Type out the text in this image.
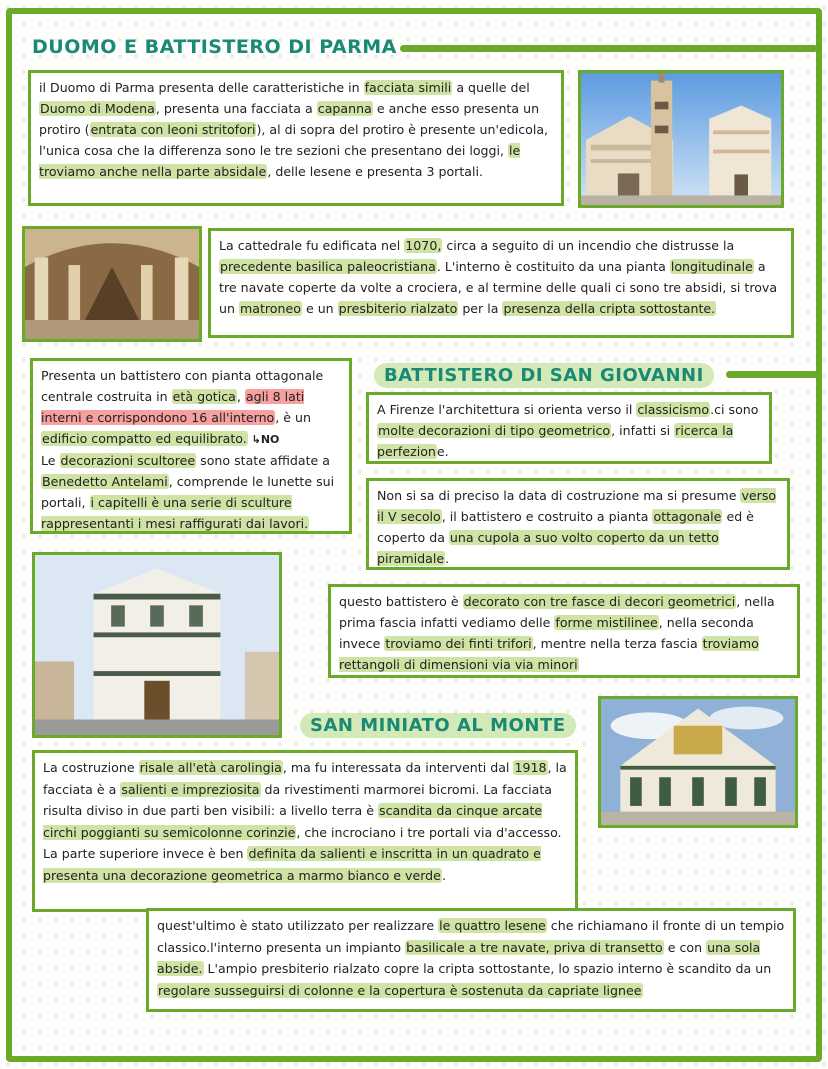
DUOMO E BATTISTERO DI PARMA

il Duomo di Parma presenta delle caratteristiche in facciata simili a quelle del Duomo di Modena, presenta una facciata a capanna e anche esso presenta un protiro (entrata con leoni stritofori), al di sopra del protiro è presente un'edicola, l'unica cosa che la differenza sono le tre sezioni che presentano dei loggi, le troviamo anche nella parte absidale, delle lesene e presenta 3 portali.

La cattedrale fu edificata nel 1070, circa a seguito di un incendio che distrusse la precedente basilica paleocristiana. L'interno è costituito da una pianta longitudinale a tre navate coperte da volte a crociera, e al termine delle quali ci sono tre absidi, si trova un matroneo e un presbiterio rialzato per la presenza della cripta sottostante.

Presenta un battistero con pianta ottagonale centrale costruita in età gotica, agli 8 lati interni e corrispondono 16 all'interno, è un edificio compatto ed equilibrato. ↳NO
Le decorazioni scultoree sono state affidate a Benedetto Antelami, comprende le lunette sui portali, i capitelli è una serie di sculture rappresentanti i mesi raffigurati dai lavori.

BATTISTERO DI SAN GIOVANNI

A Firenze l'architettura si orienta verso il classicismo.ci sono molte decorazioni di tipo geometrico, infatti si ricerca la perfezione.

Non si sa di preciso la data di costruzione ma si presume verso il V secolo, il battistero e costruito a pianta ottagonale ed è coperto da una cupola a suo volto coperto da un tetto piramidale.

questo battistero è decorato con tre fasce di decori geometrici, nella prima fascia infatti vediamo delle forme mistilinee, nella seconda invece troviamo dei finti trifori, mentre nella terza fascia troviamo rettangoli di dimensioni via via minori

SAN MINIATO AL MONTE

La costruzione risale all'età carolingia, ma fu interessata da interventi dal 1918, la facciata è a salienti e impreziosita da rivestimenti marmorei bicromi. La facciata risulta diviso in due parti ben visibili: a livello terra è scandita da cinque arcate circhi poggianti su semicolonne corinzie, che incrociano i tre portali via d'accesso. La parte superiore invece è ben definita da salienti e inscritta in un quadrato e presenta una decorazione geometrica a marmo bianco e verde.

quest'ultimo è stato utilizzato per realizzare le quattro lesene che richiamano il fronte di un tempio classico.l'interno presenta un impianto basilicale a tre navate, priva di transetto e con una sola abside. L'ampio presbiterio rialzato copre la cripta sottostante, lo spazio interno è scandito da un regolare susseguirsi di colonne e la copertura è sostenuta da capriate lignee
